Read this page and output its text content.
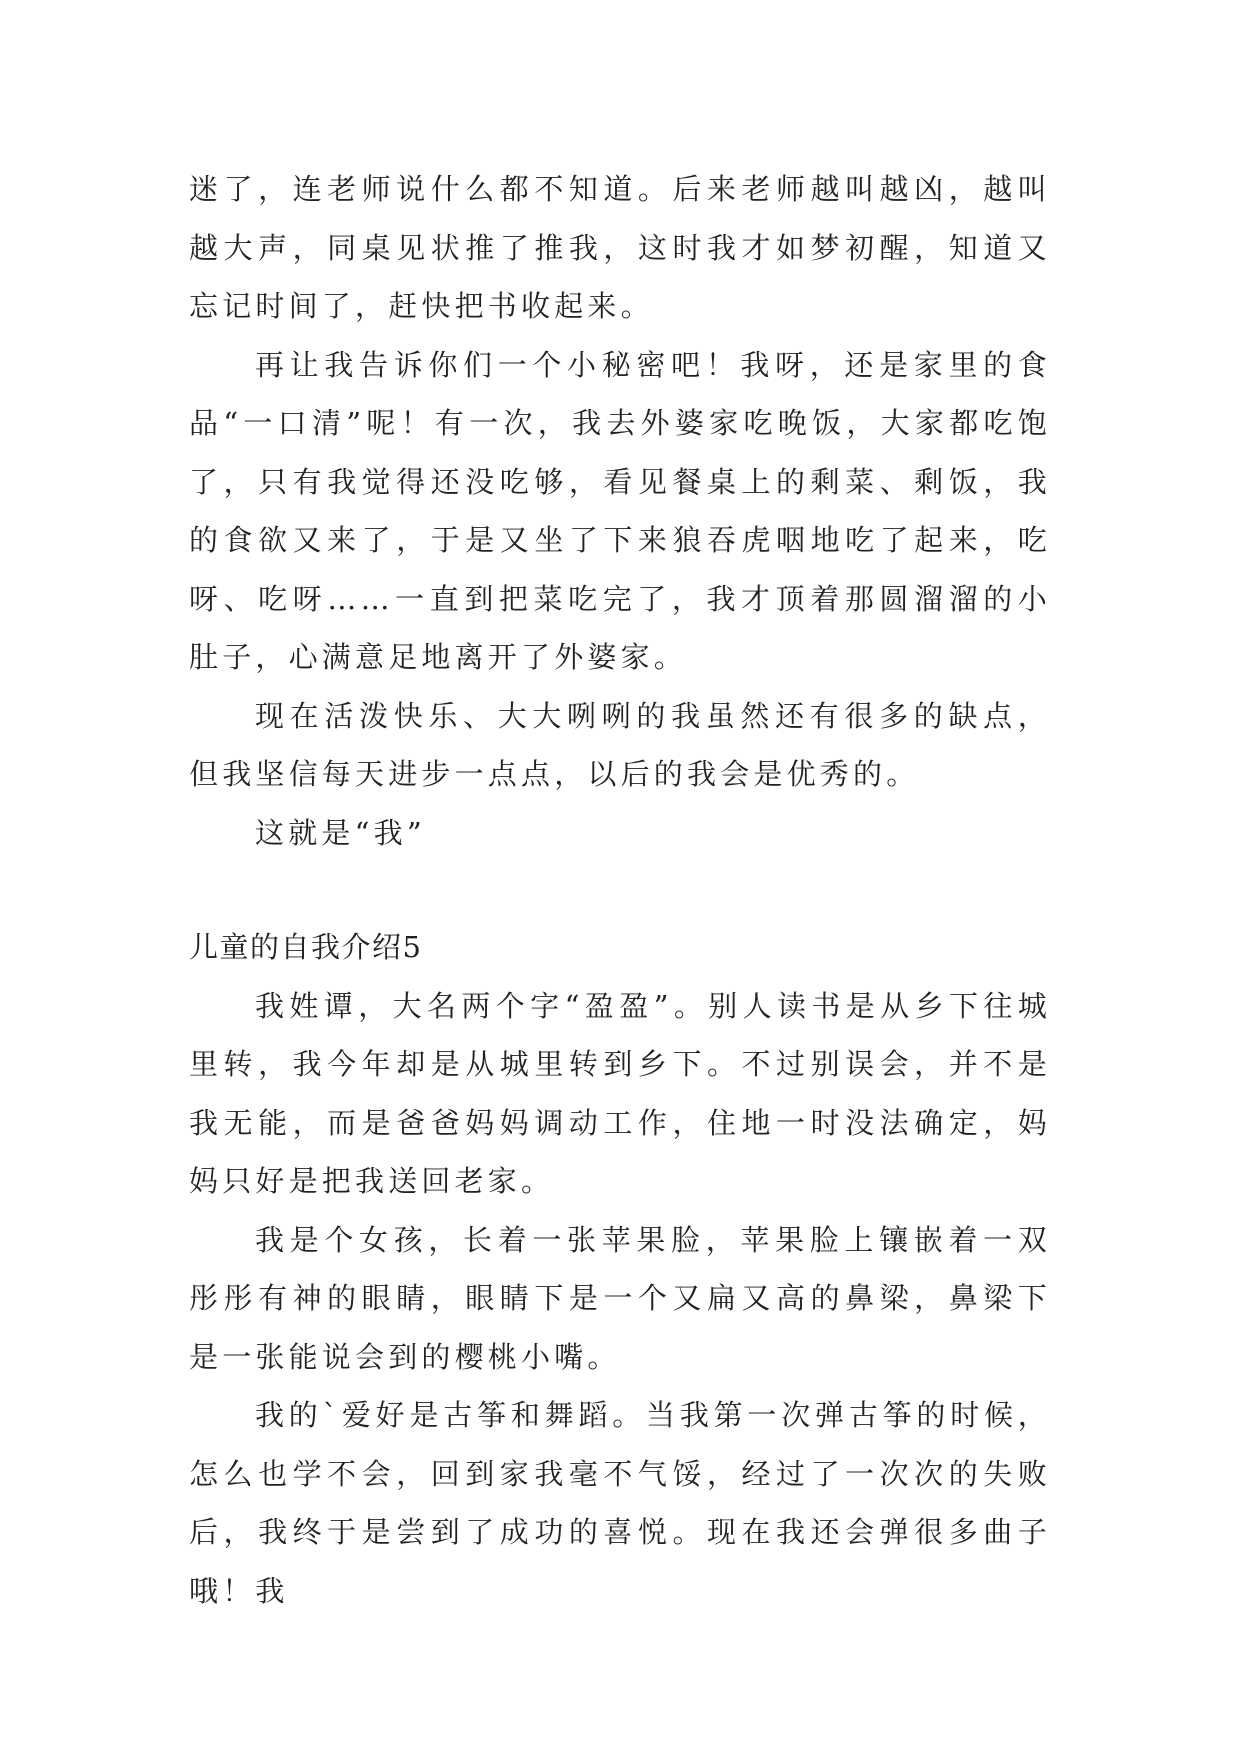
迷了，连老师说什么都不知道。后来老师越叫越凶，越叫越大声，同桌见状推了推我，这时我才如梦初醒，知道又忘记时间了，赶快把书收起来。

再让我告诉你们一个小秘密吧！我呀，还是家里的食品“一口清”呢！有一次，我去外婆家吃晚饭，大家都吃饱了，只有我觉得还没吃够，看见餐桌上的剩菜、剩饭，我的食欲又来了，于是又坐了下来狼吞虎咽地吃了起来，吃呀、吃呀……一直到把菜吃完了，我才顶着那圆溜溜的小肚子，心满意足地离开了外婆家。

现在活泼快乐、大大咧咧的我虽然还有很多的缺点，但我坚信每天进步一点点，以后的我会是优秀的。

这就是“我”

儿童的自我介绍5

我姓谭，大名两个字“盈盈”。别人读书是从乡下往城里转，我今年却是从城里转到乡下。不过别误会，并不是我无能，而是爸爸妈妈调动工作，住地一时没法确定，妈妈只好是把我送回老家。

我是个女孩，长着一张苹果脸，苹果脸上镶嵌着一双彤彤有神的眼睛，眼睛下是一个又扁又高的鼻梁，鼻梁下是一张能说会到的樱桃小嘴。

我的`爱好是古筝和舞蹈。当我第一次弹古筝的时候，怎么也学不会，回到家我毫不气馁，经过了一次次的失败后，我终于是尝到了成功的喜悦。现在我还会弹很多曲子哦！我
